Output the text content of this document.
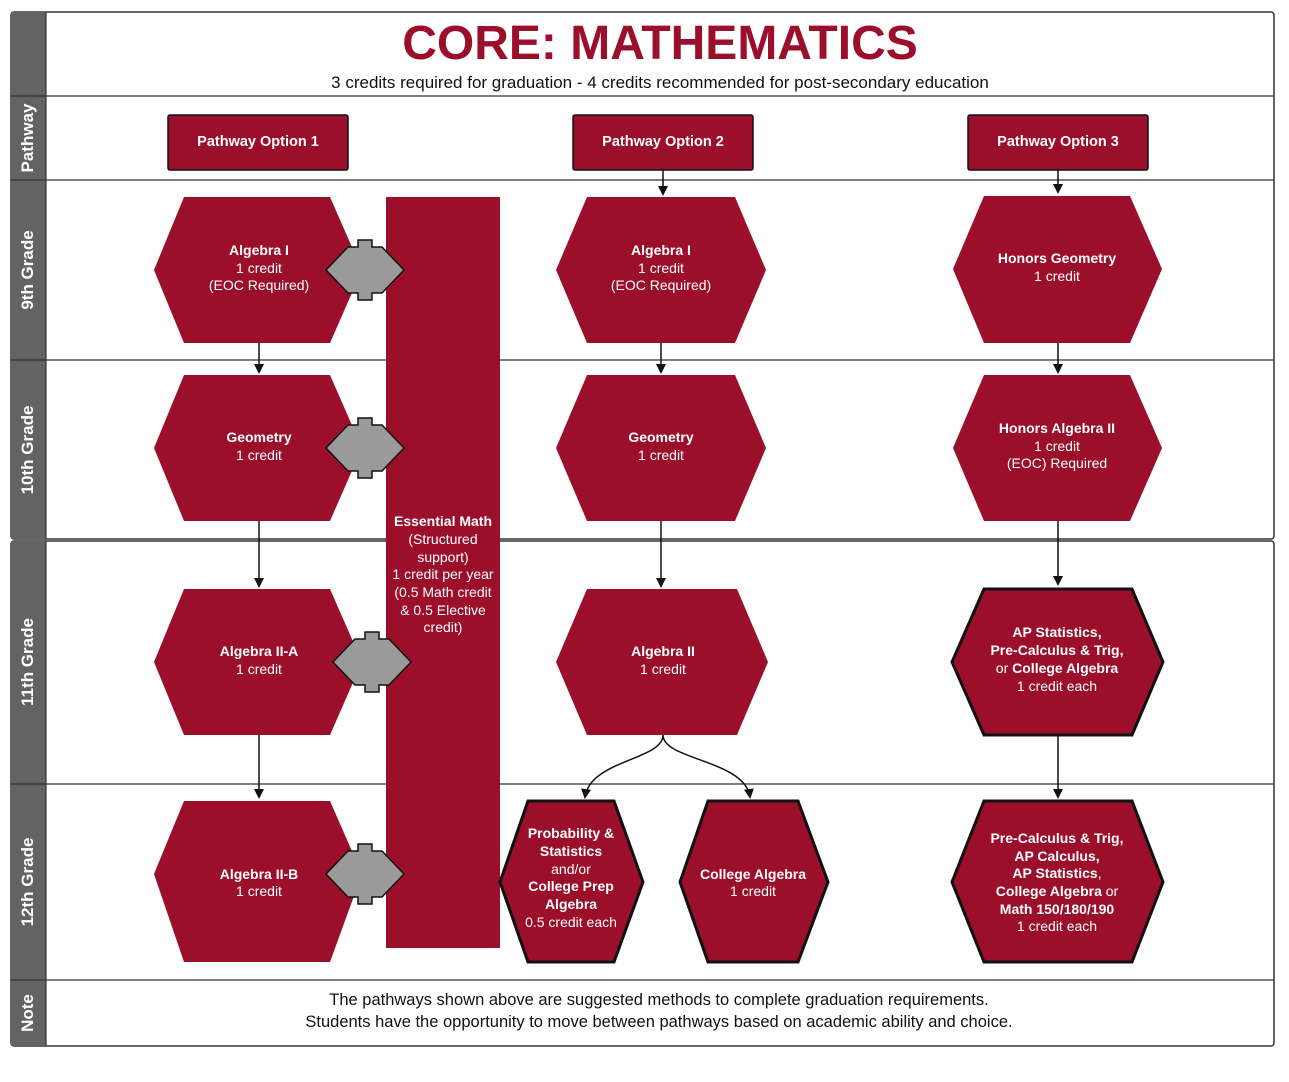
Pathway
9th Grade
10th Grade
11th Grade
12th Grade
Note
CORE: MATHEMATICS
3 credits required for graduation - 4 credits recommended for post-secondary education
Pathway Option 1	Pathway Option 2	Pathway Option 3
Essential Math
(Structured
support)
1 credit per year
(0.5 Math credit
& 0.5 Elective
credit)
Algebra I
1 credit
(EOC Required)
Geometry
1 credit
Algebra II-A
1 credit
Algebra II-B
1 credit
Algebra I
1 credit
(EOC Required)
Geometry
1 credit
Algebra II
1 credit
Probability &
Statistics
and/or
College Prep
Algebra
0.5 credit each
College Algebra
1 credit
Honors Geometry
1 credit
Honors Algebra II
1 credit
(EOC) Required
AP Statistics,
Pre-Calculus & Trig,
or College Algebra
1 credit each
Pre-Calculus & Trig,
AP Calculus,
AP Statistics,
College Algebra or
Math 150/180/190
1 credit each
The pathways shown above are suggested methods to complete graduation requirements.
Students have the opportunity to move between pathways based on academic ability and choice.
